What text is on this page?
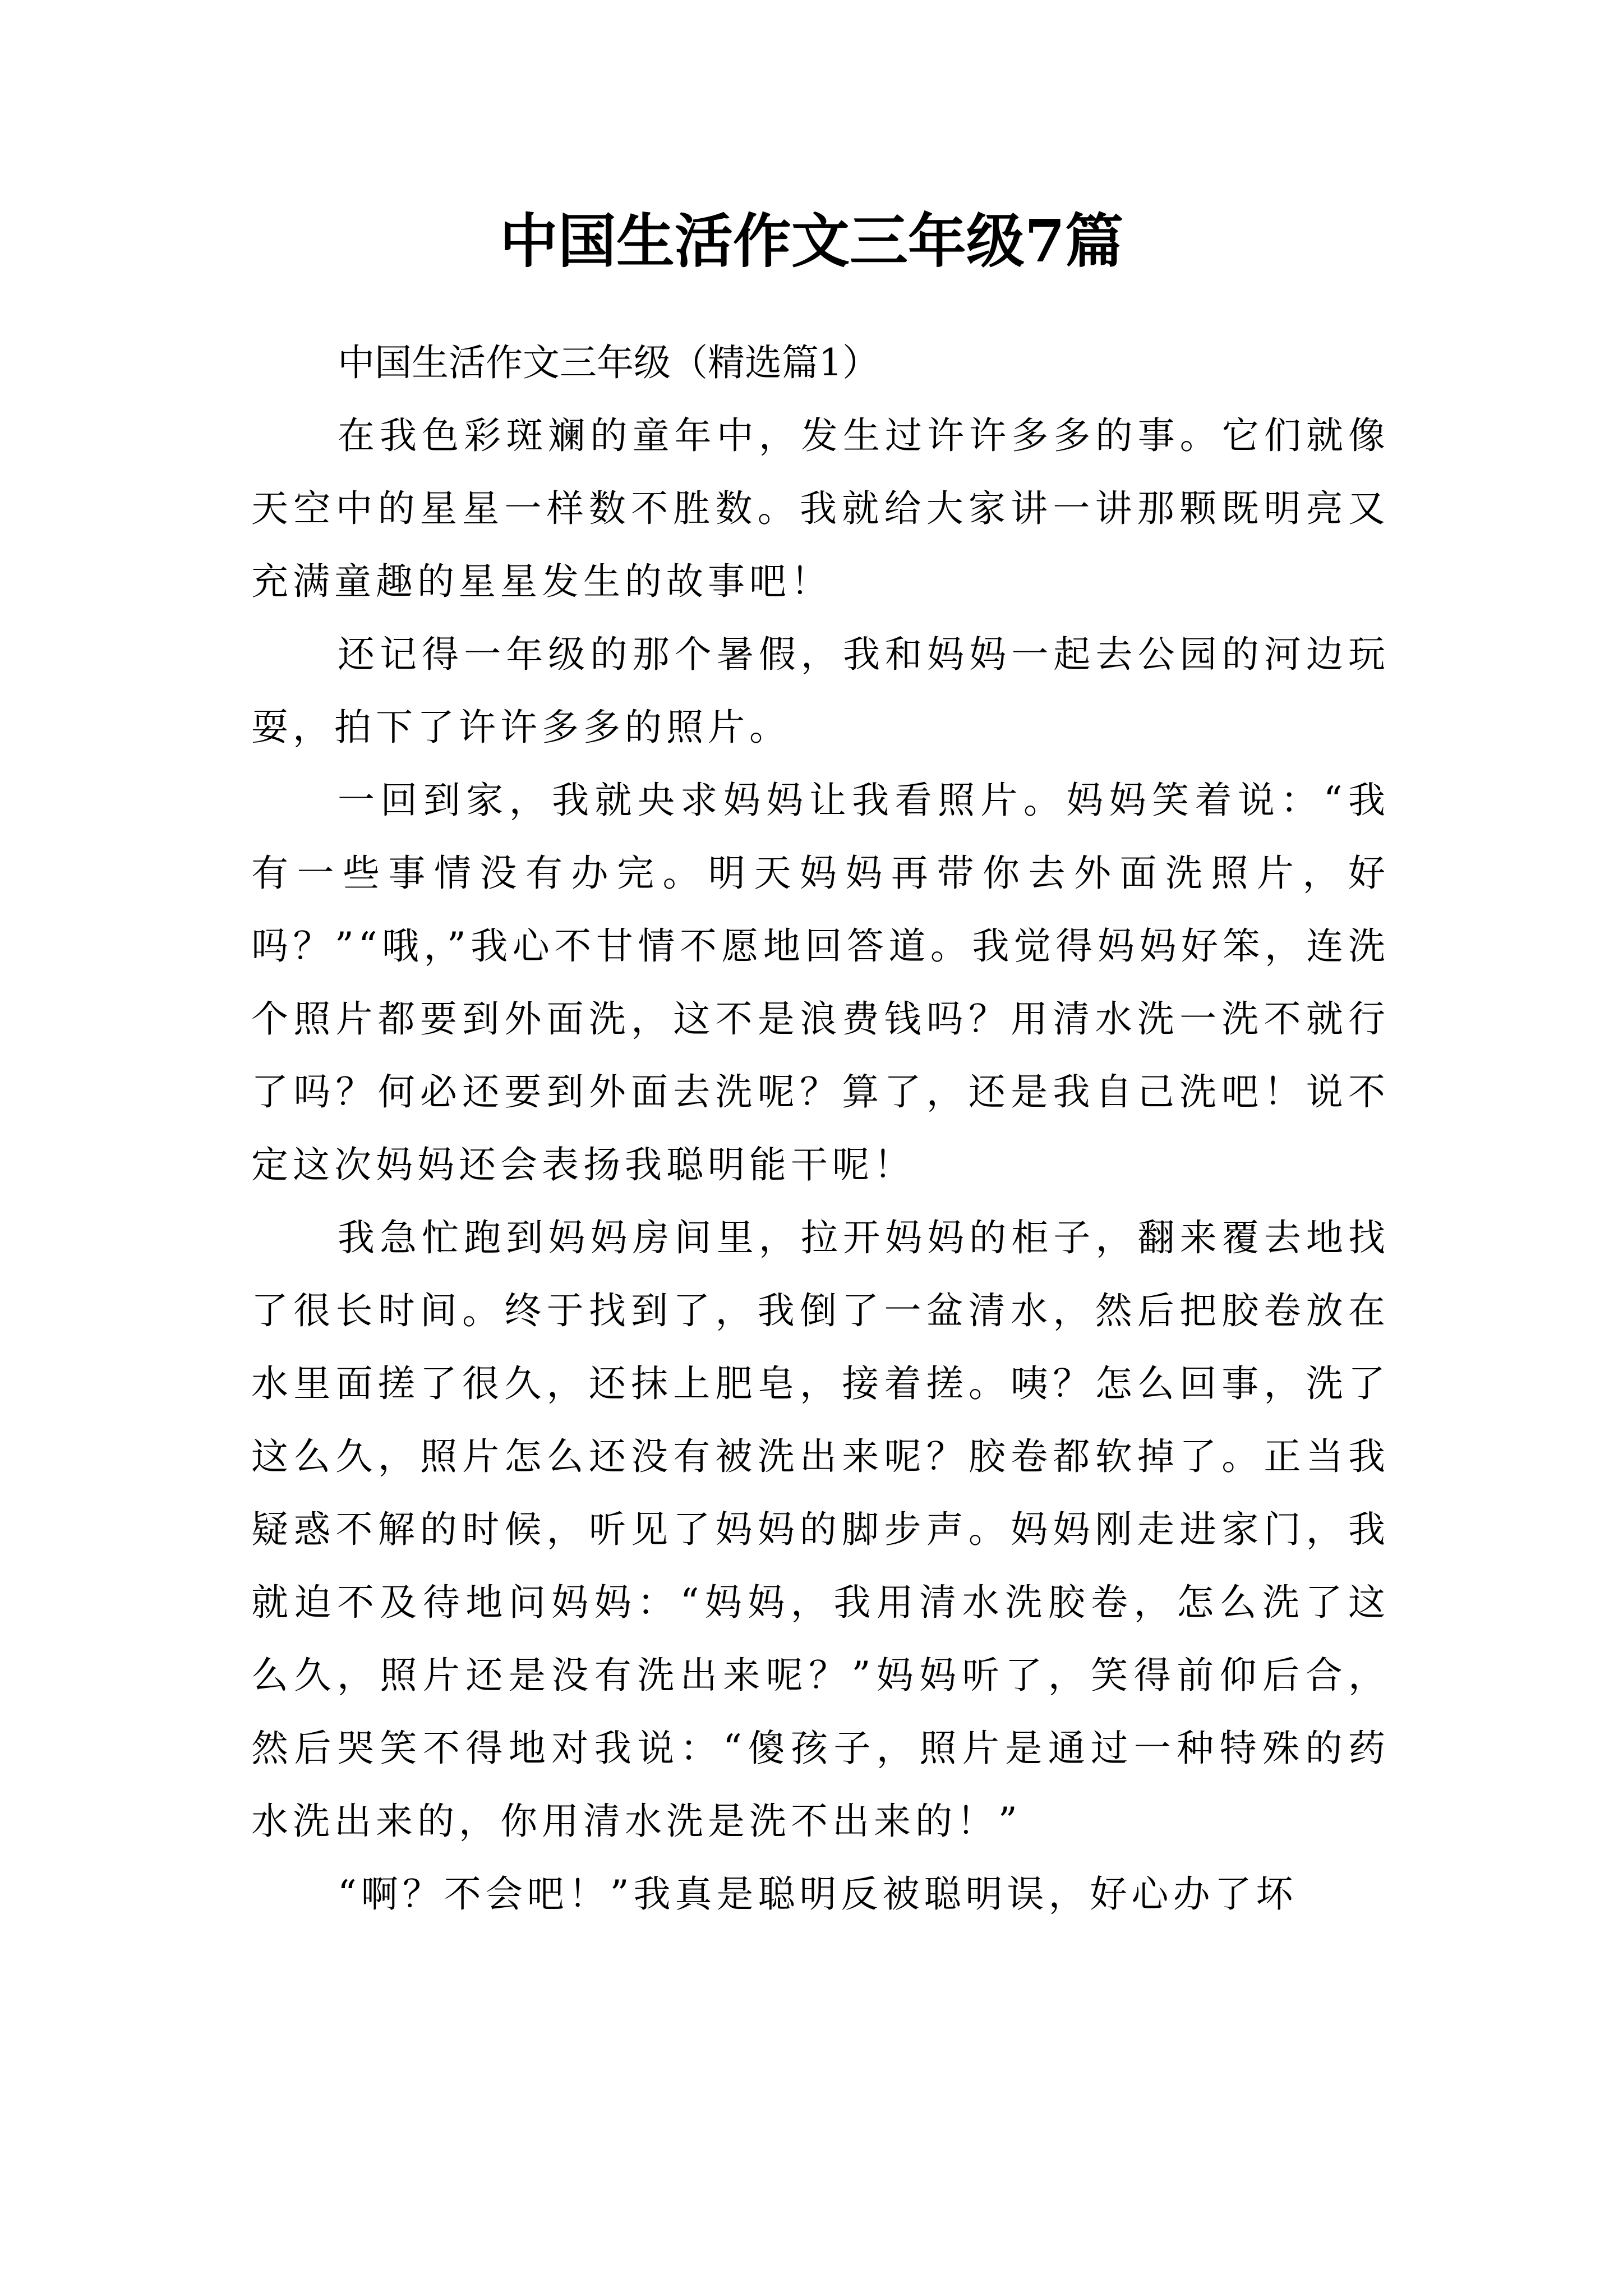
中国生活作文三年级7篇

中国生活作文三年级（精选篇1）

在我色彩斑斓的童年中，发生过许许多多的事。它们就像天空中的星星一样数不胜数。我就给大家讲一讲那颗既明亮又充满童趣的星星发生的故事吧！

还记得一年级的那个暑假，我和妈妈一起去公园的河边玩耍，拍下了许许多多的照片。

一回到家，我就央求妈妈让我看照片。妈妈笑着说：“我有一些事情没有办完。明天妈妈再带你去外面洗照片，好吗？”“哦，”我心不甘情不愿地回答道。我觉得妈妈好笨，连洗个照片都要到外面洗，这不是浪费钱吗？用清水洗一洗不就行了吗？何必还要到外面去洗呢？算了，还是我自己洗吧！说不定这次妈妈还会表扬我聪明能干呢！

我急忙跑到妈妈房间里，拉开妈妈的柜子，翻来覆去地找了很长时间。终于找到了，我倒了一盆清水，然后把胶卷放在水里面搓了很久，还抹上肥皂，接着搓。咦？怎么回事，洗了这么久，照片怎么还没有被洗出来呢？胶卷都软掉了。正当我疑惑不解的时候，听见了妈妈的脚步声。妈妈刚走进家门，我就迫不及待地问妈妈：“妈妈，我用清水洗胶卷，怎么洗了这么久，照片还是没有洗出来呢？”妈妈听了，笑得前仰后合，然后哭笑不得地对我说：“傻孩子，照片是通过一种特殊的药水洗出来的，你用清水洗是洗不出来的！”

“啊？不会吧！”我真是聪明反被聪明误，好心办了坏
